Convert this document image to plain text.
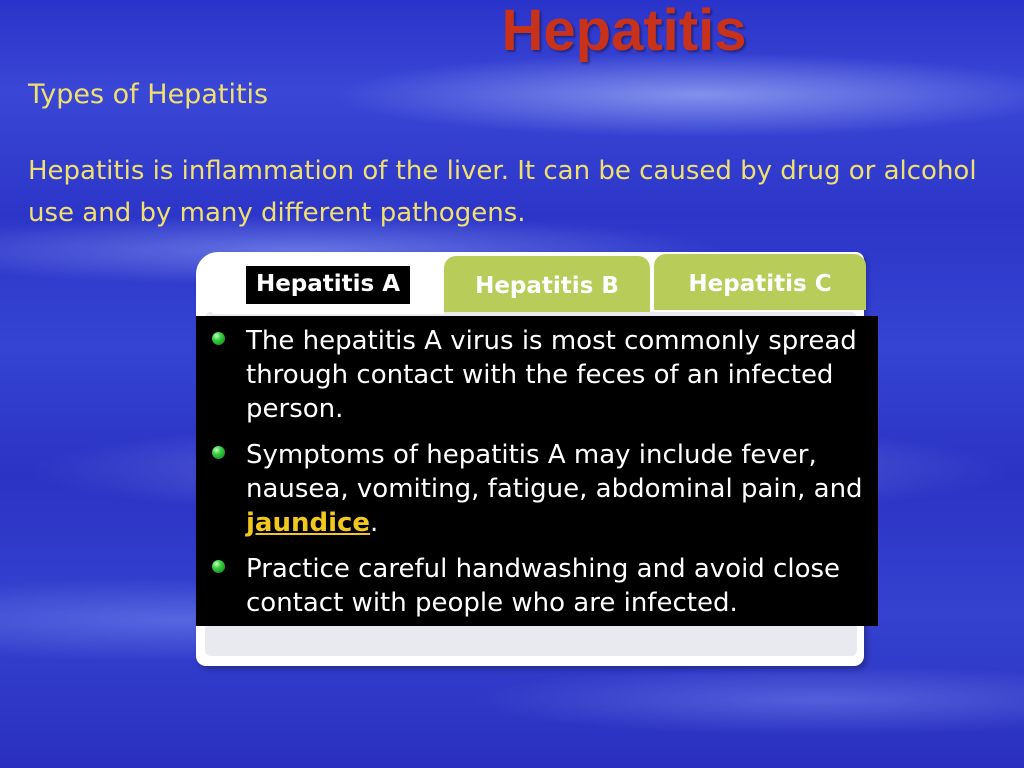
Hepatitis
Types of Hepatitis
Hepatitis is inflammation of the liver. It can be caused by drug or alcohol use and by many different pathogens.
Hepatitis A	Hepatitis B	Hepatitis C
The hepatitis A virus is most commonly spread through contact with the feces of an infected person.
Symptoms of hepatitis A may include fever, nausea, vomiting, fatigue, abdominal pain, and jaundice.
Practice careful handwashing and avoid close contact with people who are infected.
